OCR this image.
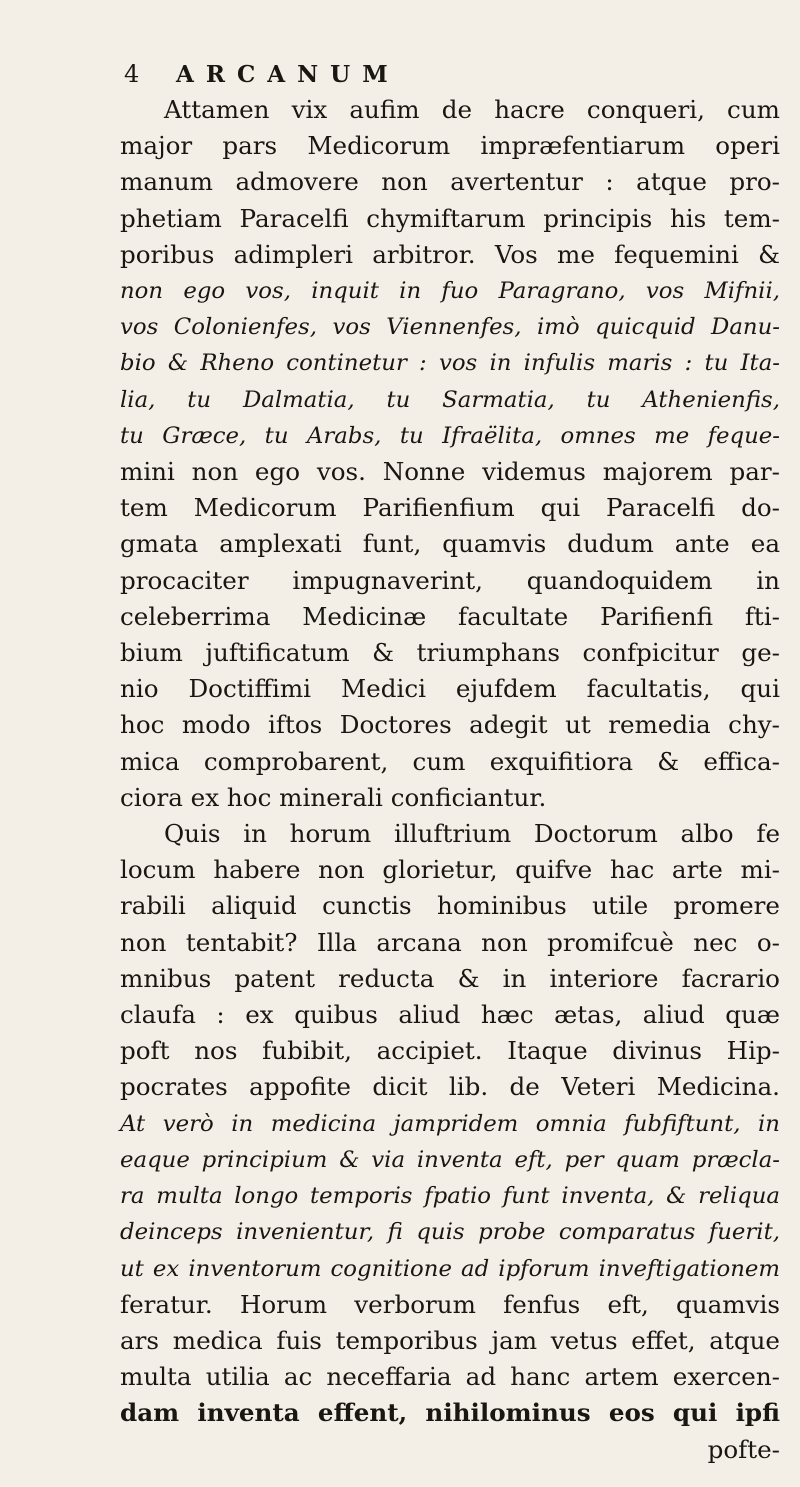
4	ARCANUM
Attamen vix aufim de hacre conqueri, cum
major pars Medicorum impræfentiarum operi
manum admovere non avertentur : atque pro-
phetiam Paracelfi chymiftarum principis his tem-
poribus adimpleri arbitror. Vos me fequemini &
non ego vos, inquit in fuo Paragrano, vos Mifnii,
vos Colonienfes, vos Viennenfes, imò quicquid Danu-
bio & Rheno continetur : vos in infulis maris : tu Ita-
lia, tu Dalmatia, tu Sarmatia, tu Athenienfis,
tu Græce, tu Arabs, tu Ifraëlita, omnes me feque-
mini non ego vos. Nonne videmus majorem par-
tem Medicorum Parifienfium qui Paracelfi do-
gmata amplexati funt, quamvis dudum ante ea
procaciter impugnaverint, quandoquidem in
celeberrima Medicinæ facultate Parifienfi fti-
bium juftificatum & triumphans confpicitur ge-
nio Doctiffimi Medici ejufdem facultatis, qui
hoc modo iftos Doctores adegit ut remedia chy-
mica comprobarent, cum exquifitiora & effica-
ciora ex hoc minerali conficiantur.
Quis in horum illuftrium Doctorum albo fe
locum habere non glorietur, quifve hac arte mi-
rabili aliquid cunctis hominibus utile promere
non tentabit? Illa arcana non promifcuè nec o-
mnibus patent reducta & in interiore facrario
claufa : ex quibus aliud hæc ætas, aliud quæ
poft nos fubibit, accipiet. Itaque divinus Hip-
pocrates appofite dicit lib. de Veteri Medicina.
At verò in medicina jampridem omnia fubfiftunt, in
eaque principium & via inventa eft, per quam præcla-
ra multa longo temporis fpatio funt inventa, & reliqua
deinceps invenientur, fi quis probe comparatus fuerit,
ut ex inventorum cognitione ad ipforum inveftigationem
feratur. Horum verborum fenfus eft, quamvis
ars medica fuis temporibus jam vetus effet, atque
multa utilia ac neceffaria ad hanc artem exercen-
dam inventa effent, nihilominus eos qui ipfi
pofte-
